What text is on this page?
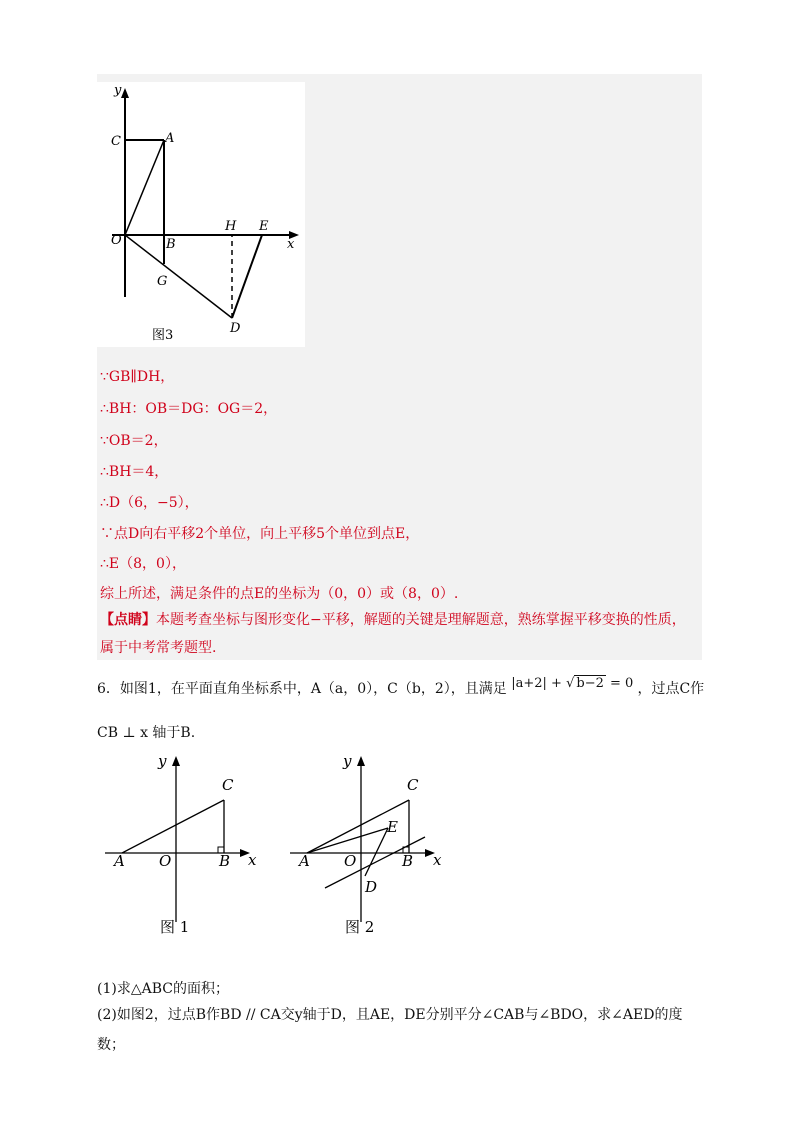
y
x
C	A
O	B
G
H E
D
图3
∵GB∥DH，
∴BH：OB＝DG：OG＝2，
∵OB＝2，
∴BH＝4，
∴D（6，−5），
∵点D向右平移2个单位，向上平移5个单位到点E，
∴E（8，0），
综上所述，满足条件的点E的坐标为（0，0）或（8，0）.
【点睛】本题考查坐标与图形变化−平移，解题的关键是理解题意，熟练掌握平移变换的性质，属于中考常考题型.
6．如图1，在平面直角坐标系中，A（a，0），C（b，2），且满足 |a+2| + √ b−2 = 0 ，过点C作
CB ⊥ x 轴于B.
y
x
A O	B
C
图 1
y
x
A O	B
C
E
D
图 2
(1)求△ABC的面积；
(2)如图2，过点B作BD // CA交y轴于D，且AE，DE分别平分∠CAB与∠BDO，求∠AED的度
数；
